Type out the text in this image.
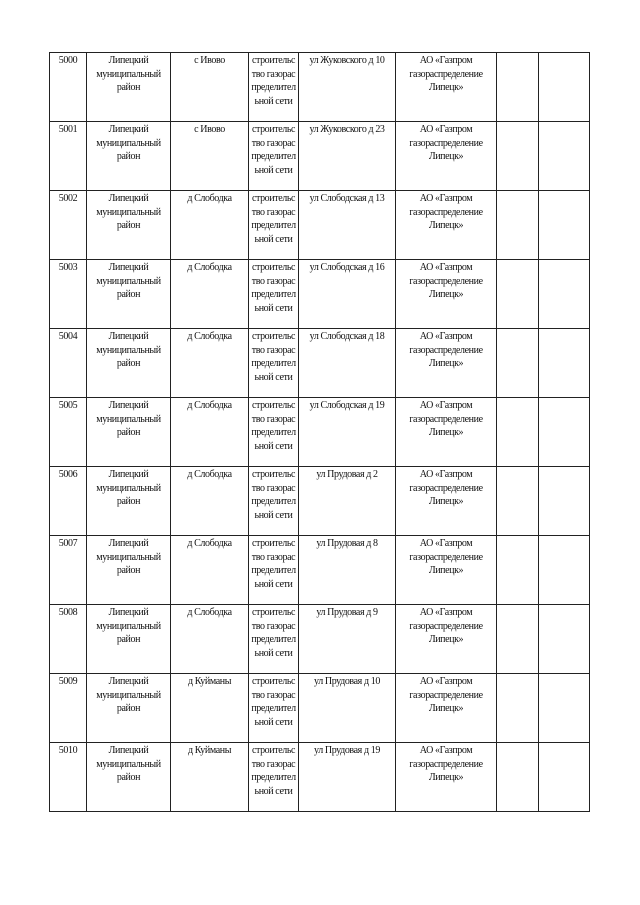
5000	Липецкий муниципальный район	с Ивово	строительство газораспределительной сети	ул Жуковского д 10	АО «Газпром газораспределение Липецк»		
5001	Липецкий муниципальный район	с Ивово	строительство газораспределительной сети	ул Жуковского д 23	АО «Газпром газораспределение Липецк»		
5002	Липецкий муниципальный район	д Слободка	строительство газораспределительной сети	ул Слободская д 13	АО «Газпром газораспределение Липецк»		
5003	Липецкий муниципальный район	д Слободка	строительство газораспределительной сети	ул Слободская д 16	АО «Газпром газораспределение Липецк»		
5004	Липецкий муниципальный район	д Слободка	строительство газораспределительной сети	ул Слободская д 18	АО «Газпром газораспределение Липецк»		
5005	Липецкий муниципальный район	д Слободка	строительство газораспределительной сети	ул Слободская д 19	АО «Газпром газораспределение Липецк»		
5006	Липецкий муниципальный район	д Слободка	строительство газораспределительной сети	ул Прудовая д 2	АО «Газпром газораспределение Липецк»		
5007	Липецкий муниципальный район	д Слободка	строительство газораспределительной сети	ул Прудовая д 8	АО «Газпром газораспределение Липецк»		
5008	Липецкий муниципальный район	д Слободка	строительство газораспределительной сети	ул Прудовая д 9	АО «Газпром газораспределение Липецк»		
5009	Липецкий муниципальный район	д Куйманы	строительство газораспределительной сети	ул Прудовая д 10	АО «Газпром газораспределение Липецк»		
5010	Липецкий муниципальный район	д Куйманы	строительство газораспределительной сети	ул Прудовая д 19	АО «Газпром газораспределение Липецк»		
